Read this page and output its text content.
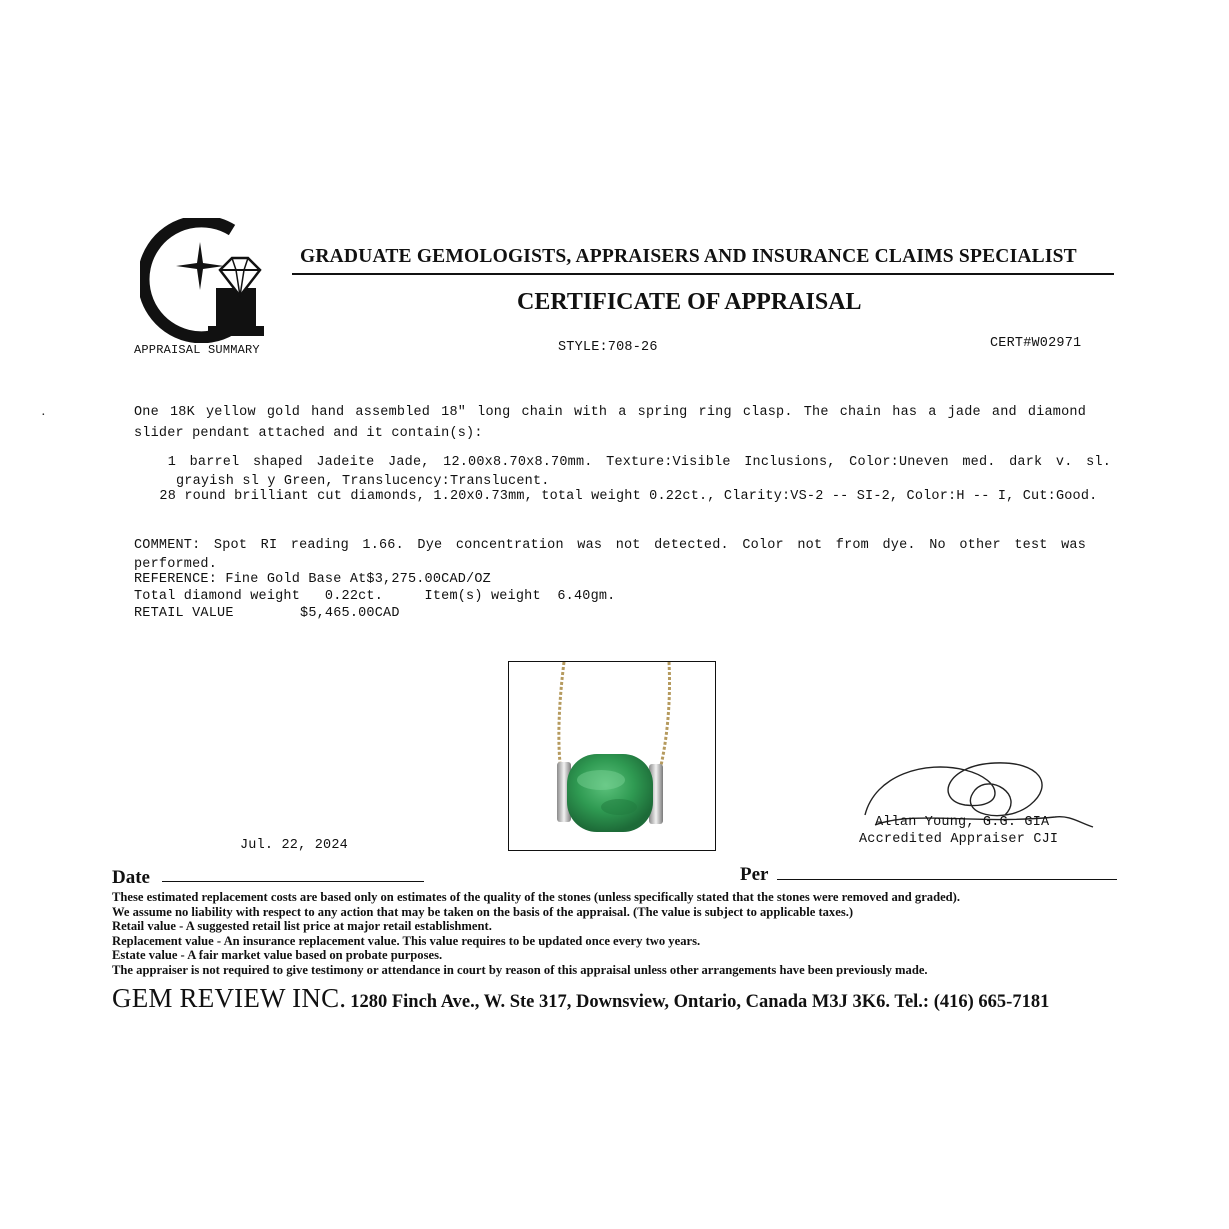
·
APPRAISAL SUMMARY
GRADUATE GEMOLOGISTS, APPRAISERS AND INSURANCE CLAIMS SPECIALIST
CERTIFICATE OF APPRAISAL
STYLE:708-26	CERT#W02971
One 18K yellow gold hand assembled 18" long chain with a spring ring clasp. The chain has a jade and diamond slider pendant attached and it contain(s):
1 barrel shaped Jadeite Jade, 12.00x8.70x8.70mm. Texture:Visible Inclusions, Color:Uneven med. dark v. sl. grayish sl y Green, Translucency:Translucent.
28 round brilliant cut diamonds, 1.20x0.73mm, total weight 0.22ct., Clarity:VS-2 -- SI-2, Color:H -- I, Cut:Good.
COMMENT: Spot RI reading 1.66. Dye concentration was not detected. Color not from dye. No other test was performed.
REFERENCE: Fine Gold Base At$3,275.00CAD/OZ
Total diamond weight   0.22ct.     Item(s) weight  6.40gm.
RETAIL VALUE        $5,465.00CAD
Allan Young, G.G. GIA
Accredited Appraiser CJI
Jul. 22, 2024
Date	Per
These estimated replacement costs are based only on estimates of the quality of the stones (unless specifically stated that the stones were removed and graded).
We assume no liability with respect to any action that may be taken on the basis of the appraisal. (The value is subject to applicable taxes.)
Retail value - A suggested retail list price at major retail establishment.
Replacement value - An insurance replacement value. This value requires to be updated once every two years.
Estate value - A fair market value based on probate purposes.
The appraiser is not required to give testimony or attendance in court by reason of this appraisal unless other arrangements have been previously made.
GEM REVIEW INC. 1280 Finch Ave., W. Ste 317, Downsview, Ontario, Canada M3J 3K6. Tel.: (416) 665-7181
